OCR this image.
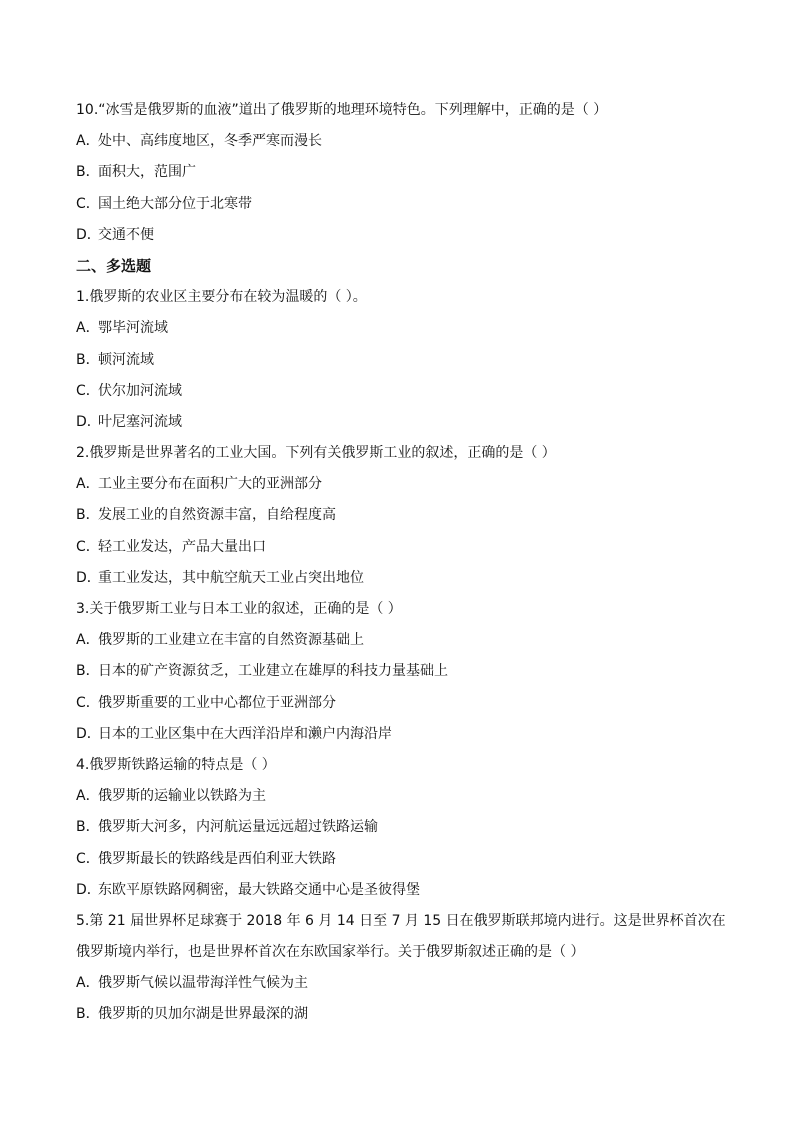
10.“冰雪是俄罗斯的血液”道出了俄罗斯的地理环境特色。下列理解中，正确的是（ ）
A．处中、高纬度地区，冬季严寒而漫长
B．面积大，范围广
C．国土绝大部分位于北寒带
D．交通不便
二、多选题
1.俄罗斯的农业区主要分布在较为温暖的（ ）。
A．鄂毕河流域
B．顿河流域
C．伏尔加河流域
D．叶尼塞河流域
2.俄罗斯是世界著名的工业大国。下列有关俄罗斯工业的叙述，正确的是（ ）
A．工业主要分布在面积广大的亚洲部分
B．发展工业的自然资源丰富，自给程度高
C．轻工业发达，产品大量出口
D．重工业发达，其中航空航天工业占突出地位
3.关于俄罗斯工业与日本工业的叙述，正确的是（ ）
A．俄罗斯的工业建立在丰富的自然资源基础上
B．日本的矿产资源贫乏，工业建立在雄厚的科技力量基础上
C．俄罗斯重要的工业中心都位于亚洲部分
D．日本的工业区集中在大西洋沿岸和濑户内海沿岸
4.俄罗斯铁路运输的特点是（ ）
A．俄罗斯的运输业以铁路为主
B．俄罗斯大河多，内河航运量远远超过铁路运输
C．俄罗斯最长的铁路线是西伯利亚大铁路
D．东欧平原铁路网稠密，最大铁路交通中心是圣彼得堡
5.第 21 届世界杯足球赛于 2018 年 6 月 14 日至 7 月 15 日在俄罗斯联邦境内进行。这是世界杯首次在
俄罗斯境内举行，也是世界杯首次在东欧国家举行。关于俄罗斯叙述正确的是（ ）
A．俄罗斯气候以温带海洋性气候为主
B．俄罗斯的贝加尔湖是世界最深的湖
